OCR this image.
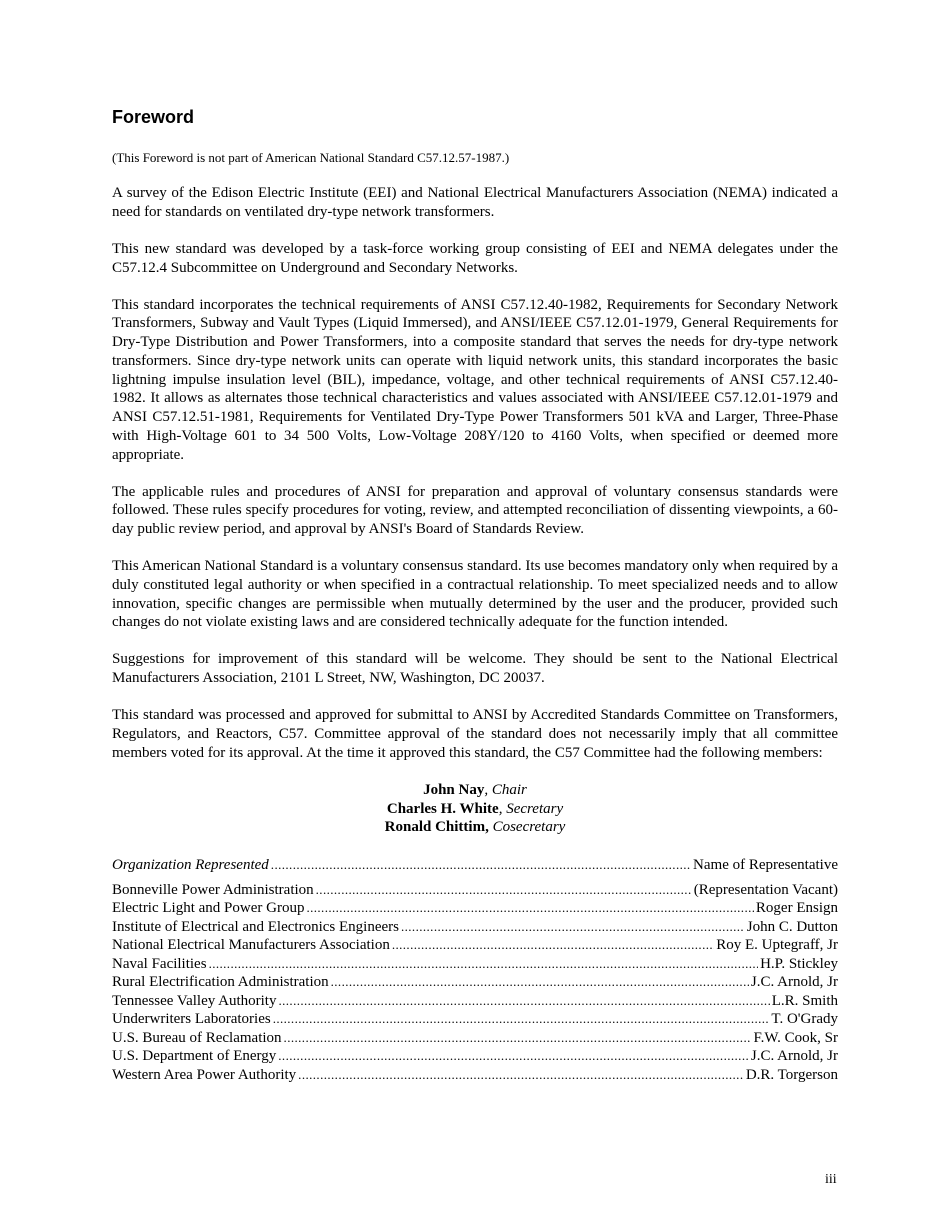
Foreword
(This Foreword is not part of American National Standard C57.12.57-1987.)

A survey of the Edison Electric Institute (EEI) and National Electrical Manufacturers Association (NEMA) indicated a need for standards on ventilated dry-type network transformers.

This new standard was developed by a task-force working group consisting of EEI and NEMA delegates under the C57.12.4 Subcommittee on Underground and Secondary Networks.

This standard incorporates the technical requirements of ANSI C57.12.40-1982, Requirements for Secondary Network Transformers, Subway and Vault Types (Liquid Immersed), and ANSI/IEEE C57.12.01-1979, General Requirements for Dry-Type Distribution and Power Transformers, into a composite standard that serves the needs for dry-type network transformers. Since dry-type network units can operate with liquid network units, this standard incorporates the basic lightning impulse insulation level (BIL), impedance, voltage, and other technical requirements of ANSI C57.12.40-1982. It allows as alternates those technical characteristics and values associated with ANSI/IEEE C57.12.01-1979 and ANSI C57.12.51-1981, Requirements for Ventilated Dry-Type Power Transformers 501 kVA and Larger, Three-Phase with High-Voltage 601 to 34 500 Volts, Low-Voltage 208Y/120 to 4160 Volts, when specified or deemed more appropriate.

The applicable rules and procedures of ANSI for preparation and approval of voluntary consensus standards were followed. These rules specify procedures for voting, review, and attempted reconciliation of dissenting viewpoints, a 60-day public review period, and approval by ANSI's Board of Standards Review.

This American National Standard is a voluntary consensus standard. Its use becomes mandatory only when required by a duly constituted legal authority or when specified in a contractual relationship. To meet specialized needs and to allow innovation, specific changes are permissible when mutually determined by the user and the producer, provided such changes do not violate existing laws and are considered technically adequate for the function intended.

Suggestions for improvement of this standard will be welcome. They should be sent to the National Electrical Manufacturers Association, 2101 L Street, NW, Washington, DC 20037.

This standard was processed and approved for submittal to ANSI by Accredited Standards Committee on Transformers, Regulators, and Reactors, C57. Committee approval of the standard does not necessarily imply that all committee members voted for its approval. At the time it approved this standard, the C57 Committee had the following members:

John Nay, Chair
Charles H. White, Secretary
Ronald Chittim, Cosecretary
Organization Represented .....	Name of Representative
Bonneville Power Administration .....	(Representation Vacant)
Electric Light and Power Group .....	Roger Ensign
Institute of Electrical and Electronics Engineers .....	John C. Dutton
National Electrical Manufacturers Association .....	Roy E. Uptegraff, Jr
Naval Facilities .....	H.P. Stickley
Rural Electrification Administration .....	J.C. Arnold, Jr
Tennessee Valley Authority .....	L.R. Smith
Underwriters Laboratories .....	T. O'Grady
U.S. Bureau of Reclamation .....	F.W. Cook, Sr
U.S. Department of Energy .....	J.C. Arnold, Jr
Western Area Power Authority .....	D.R. Torgerson
iii
